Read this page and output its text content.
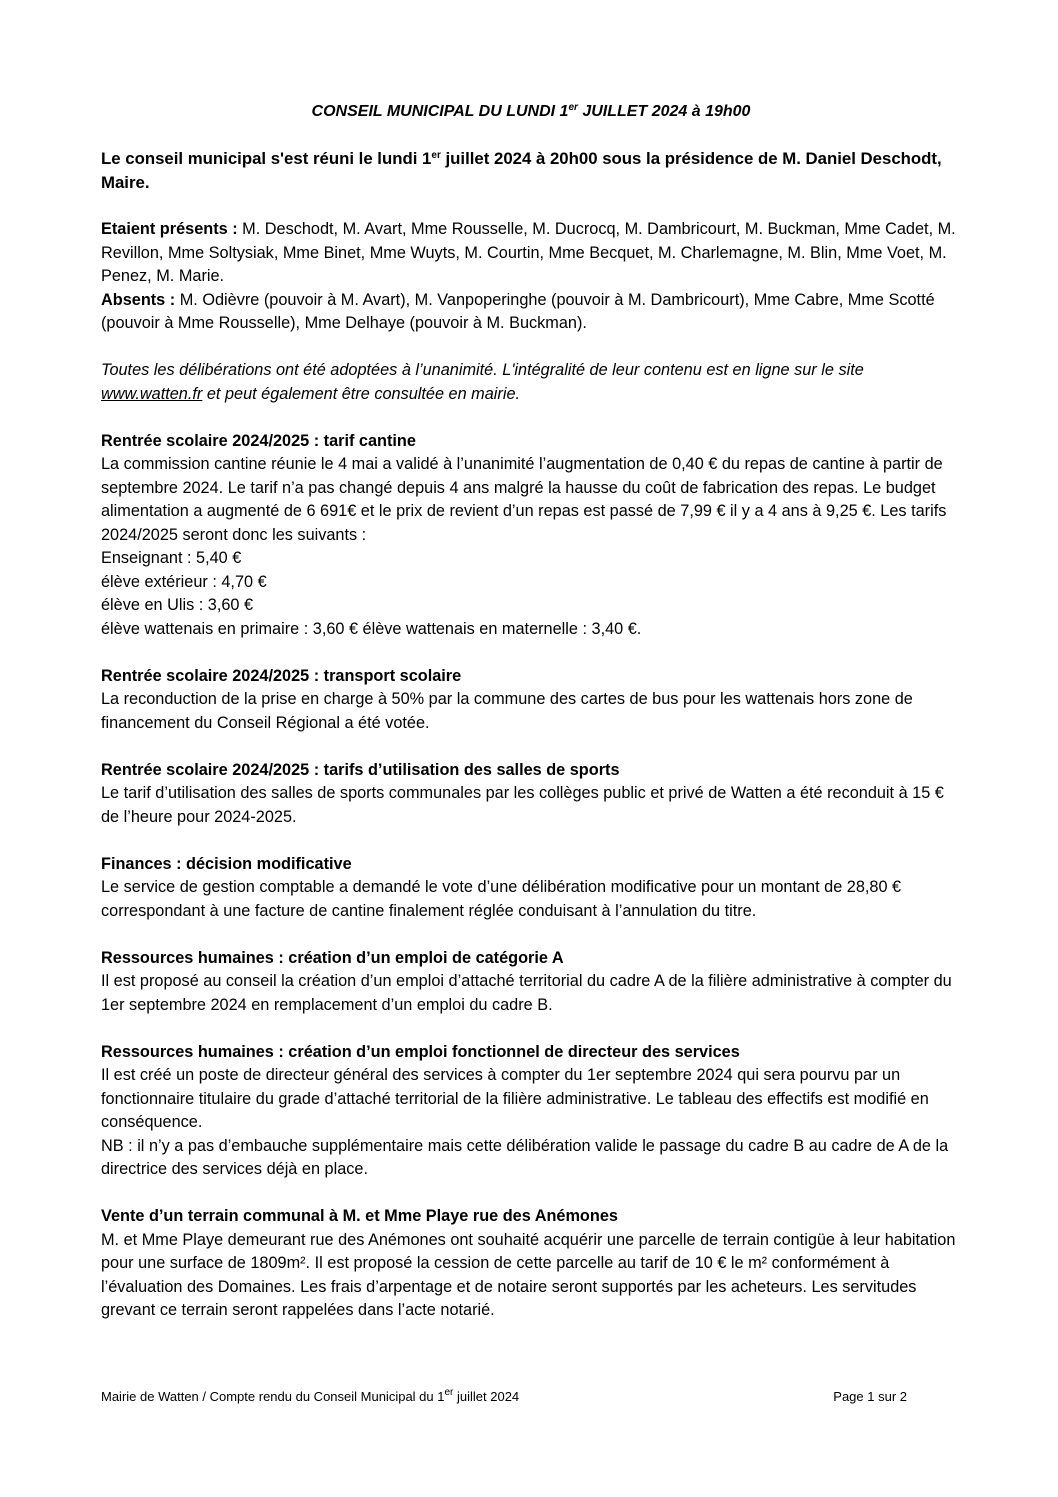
CONSEIL MUNICIPAL DU LUNDI 1er JUILLET 2024 à 19h00

Le conseil municipal s'est réuni le lundi 1er juillet 2024 à 20h00 sous la présidence de M. Daniel Deschodt, Maire.

Etaient présents : M. Deschodt, M. Avart, Mme Rousselle, M. Ducrocq, M. Dambricourt, M. Buckman, Mme Cadet, M. Revillon, Mme Soltysiak, Mme Binet, Mme Wuyts, M. Courtin, Mme Becquet, M. Charlemagne, M. Blin, Mme Voet, M. Penez, M. Marie.

Absents : M. Odièvre (pouvoir à M. Avart), M. Vanpoperinghe (pouvoir à M. Dambricourt), Mme Cabre, Mme Scotté (pouvoir à Mme Rousselle), Mme Delhaye (pouvoir à M. Buckman).

Toutes les délibérations ont été adoptées à l’unanimité. L'intégralité de leur contenu est en ligne sur le site www.watten.fr et peut également être consultée en mairie.

Rentrée scolaire 2024/2025 : tarif cantine

La commission cantine réunie le 4 mai a validé à l’unanimité l’augmentation de 0,40 € du repas de cantine à partir de septembre 2024. Le tarif n’a pas changé depuis 4 ans malgré la hausse du coût de fabrication des repas. Le budget alimentation a augmenté de 6 691€ et le prix de revient d’un repas est passé de 7,99 € il y a 4 ans à 9,25 €. Les tarifs 2024/2025 seront donc les suivants :

Enseignant : 5,40 €

élève extérieur : 4,70 €

élève en Ulis : 3,60 €

élève wattenais en primaire : 3,60 € élève wattenais en maternelle : 3,40 €.

Rentrée scolaire 2024/2025 : transport scolaire

La reconduction de la prise en charge à 50% par la commune des cartes de bus pour les wattenais hors zone de financement du Conseil Régional a été votée.

Rentrée scolaire 2024/2025 : tarifs d’utilisation des salles de sports

Le tarif d’utilisation des salles de sports communales par les collèges public et privé de Watten a été reconduit à 15 € de l’heure pour 2024-2025.

Finances : décision modificative

Le service de gestion comptable a demandé le vote d’une délibération modificative pour un montant de 28,80 € correspondant à une facture de cantine finalement réglée conduisant à l’annulation du titre.

Ressources humaines : création d’un emploi de catégorie A

Il est proposé au conseil la création d’un emploi d’attaché territorial du cadre A de la filière administrative à compter du 1er septembre 2024 en remplacement d’un emploi du cadre B.

Ressources humaines : création d’un emploi fonctionnel de directeur des services

Il est créé un poste de directeur général des services à compter du 1er septembre 2024 qui sera pourvu par un fonctionnaire titulaire du grade d’attaché territorial de la filière administrative. Le tableau des effectifs est modifié en conséquence.

NB : il n’y a pas d’embauche supplémentaire mais cette délibération valide le passage du cadre B au cadre de A de la directrice des services déjà en place.

Vente d’un terrain communal à M. et Mme Playe rue des Anémones

M. et Mme Playe demeurant rue des Anémones ont souhaité acquérir une parcelle de terrain contigüe à leur habitation pour une surface de 1809m². Il est proposé la cession de cette parcelle au tarif de 10 € le m² conformément à l’évaluation des Domaines. Les frais d’arpentage et de notaire seront supportés par les acheteurs. Les servitudes grevant ce terrain seront rappelées dans l’acte notarié.

Mairie de Watten / Compte rendu du Conseil Municipal du 1er juillet 2024	Page 1 sur 2
